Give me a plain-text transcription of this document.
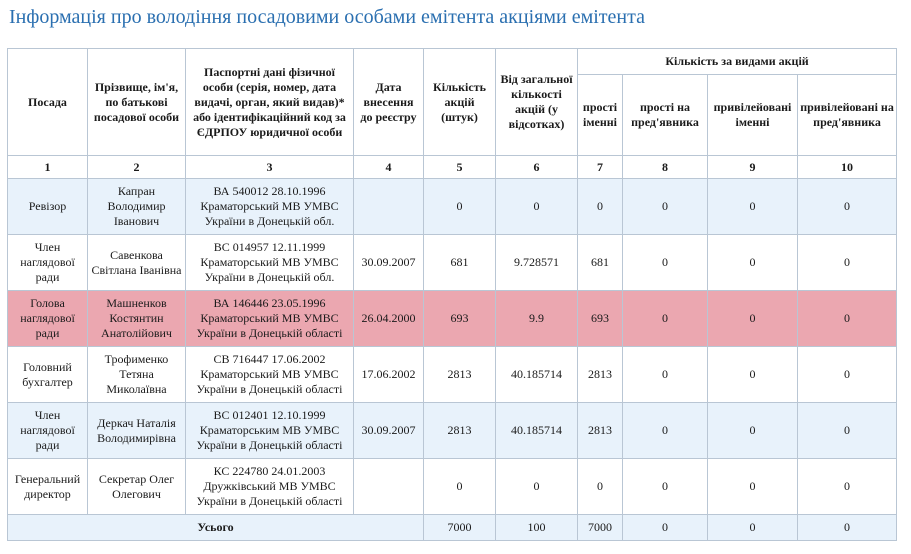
Інформація про володіння посадовими особами емітента акціями емітента
Посада	Прізвище, ім'я, по батькові посадової особи	Паспортні дані фізичної особи (серія, номер, дата видачі, орган, який видав)* або ідентифікаційний код за ЄДРПОУ юридичної особи	Дата внесення до реєстру	Кількість акцій (штук)	Від загальної кількості акцій (у відсотках)	Кількість за видами акцій			
						прості іменні	прості на пред'явника	привілейовані іменні	привілейовані на пред'явника
1	2	3	4	5	6	7	8	9	10
Ревізор	Капран Володимир Іванович	ВА 540012 28.10.1996 Краматорський МВ УМВС України в Донецькій обл.		0	0	0	0	0	0
Член наглядової ради	Савенкова Світлана Іванівна	ВС 014957 12.11.1999 Краматорський МВ УМВС України в Донецькій обл.	30.09.2007	681	9.728571	681	0	0	0
Голова наглядової ради	Машненков Костянтин Анатолійович	ВА 146446 23.05.1996 Краматорський МВ УМВС України в Донецькій області	26.04.2000	693	9.9	693	0	0	0
Головний бухгалтер	Трофименко Тетяна Миколаївна	СВ 716447 17.06.2002 Краматорський МВ УМВС України в Донецькій області	17.06.2002	2813	40.185714	2813	0	0	0
Член наглядової ради	Деркач Наталія Володимирівна	ВС 012401 12.10.1999 Краматорським МВ УМВС України в Донецькій області	30.09.2007	2813	40.185714	2813	0	0	0
Генеральний директор	Секретар Олег Олегович	КС 224780 24.01.2003 Дружківський МВ УМВС України в Донецькій області		0	0	0	0	0	0
Усього				7000	100	7000	0	0	0
